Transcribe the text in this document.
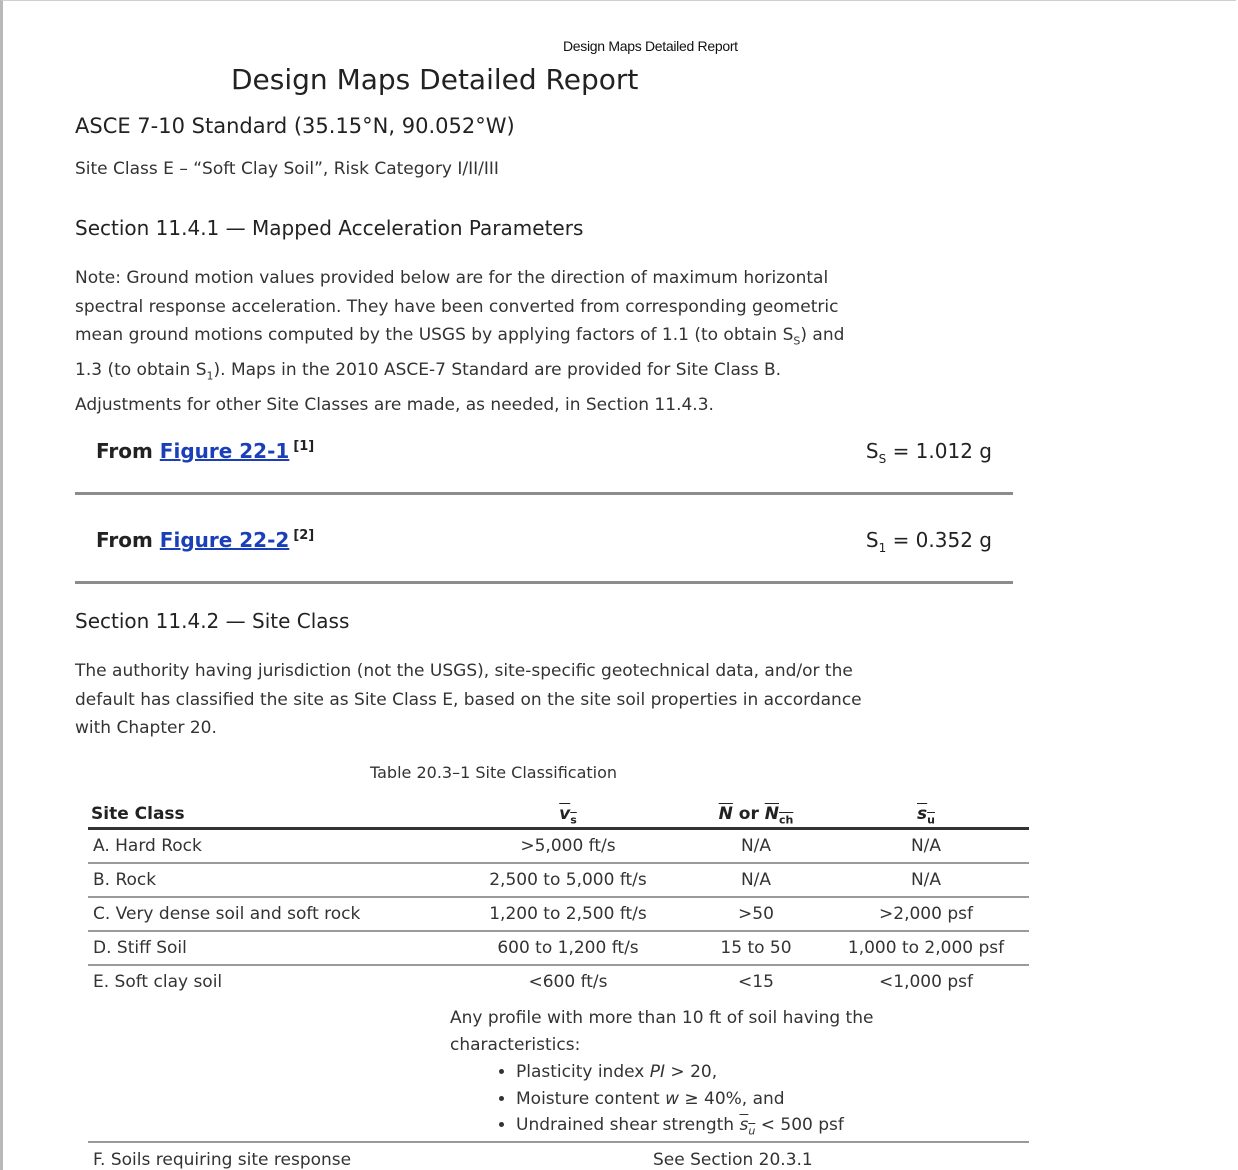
Design Maps Detailed Report
Design Maps Detailed Report
ASCE 7-10 Standard (35.15°N, 90.052°W)
Site Class E – “Soft Clay Soil”, Risk Category I/II/III
Section 11.4.1 — Mapped Acceleration Parameters
Note: Ground motion values provided below are for the direction of maximum horizontal
spectral response acceleration. They have been converted from corresponding geometric
mean ground motions computed by the USGS by applying factors of 1.1 (to obtain $S_S$) and
1.3 (to obtain $S_1$). Maps in the 2010 ASCE-7 Standard are provided for Site Class B.
Adjustments for other Site Classes are made, as needed, in Section 11.4.3.
From Figure 22-1 [1]	$S_S = 1.012$ g
From Figure 22-2 [2]	$S_1 = 0.352$ g
Section 11.4.2 — Site Class
The authority having jurisdiction (not the USGS), site-specific geotechnical data, and/or the
default has classified the site as Site Class E, based on the site soil properties in accordance
with Chapter 20.
Table 20.3–1 Site Classification
Site Class	$v_s$	$\overline{N}$ or $N_{ch}$	$s_u$
A. Hard Rock	>5,000 ft/s	N/A	N/A
B. Rock	2,500 to 5,000 ft/s	N/A	N/A
C. Very dense soil and soft rock	1,200 to 2,500 ft/s	>50	>2,000 psf
D. Stiff Soil	600 to 1,200 ft/s	15 to 50	1,000 to 2,000 psf
E. Soft clay soil	<600 ft/s	<15	<1,000 psf
Any profile with more than 10 ft of soil having the
characteristics:
• Plasticity index PI > 20,
• Moisture content w ≥ 40%, and
• Undrained shear strength $s_u < 500$ psf
F. Soils requiring site response	See Section 20.3.1
